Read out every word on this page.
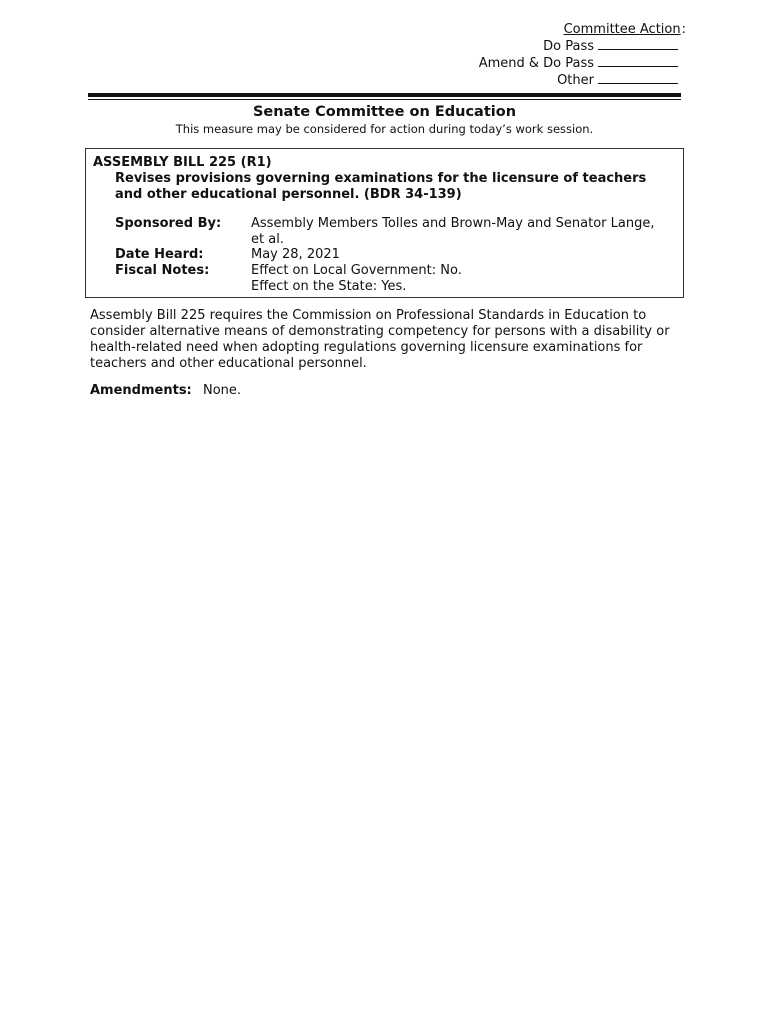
Committee Action:
Do Pass
Amend & Do Pass
Other
Senate Committee on Education
This measure may be considered for action during today’s work session.
ASSEMBLY BILL 225 (R1)
Revises provisions governing examinations for the licensure of teachers and other educational personnel. (BDR 34-139)
Sponsored By: Assembly Members Tolles and Brown-May and Senator Lange, et al.
Date Heard:	May 28, 2021
Fiscal Notes:	Effect on Local Government: No.
Effect on the State: Yes.
Assembly Bill 225 requires the Commission on Professional Standards in Education to consider alternative means of demonstrating competency for persons with a disability or health-related need when adopting regulations governing licensure examinations for teachers and other educational personnel.
Amendments: None.
